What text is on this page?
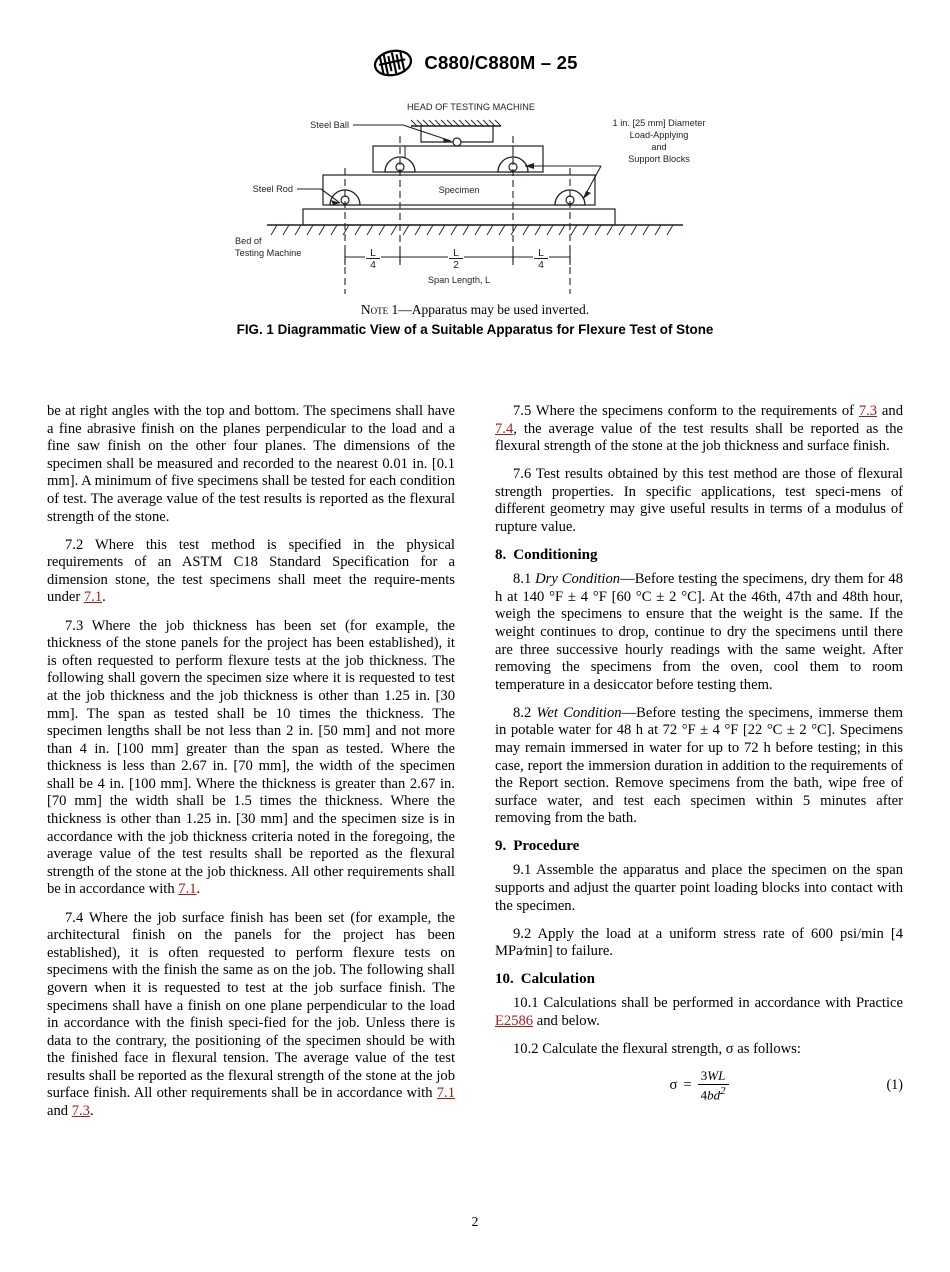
C880/C880M – 25
HEAD OF TESTING MACHINE
Steel Ball
Specimen
Steel Rod
1 in. [25 mm] Diameter
Load-Applying
and
Support Blocks
Bed of
Testing Machine	L
4
L
2
L
4
Span Length, L
Note 1—Apparatus may be used inverted.
FIG. 1 Diagrammatic View of a Suitable Apparatus for Flexure Test of Stone

be at right angles with the top and bottom. The specimens shall have a fine abrasive finish on the planes perpendicular to the load and a fine saw finish on the other four planes. The dimensions of the specimen shall be measured and recorded to the nearest 0.01 in. [0.1 mm]. A minimum of five specimens shall be tested for each condition of test. The average value of the test results is reported as the flexural strength of the stone.

7.2 Where this test method is specified in the physical requirements of an ASTM C18 Standard Specification for a dimension stone, the test specimens shall meet the require-ments under 7.1.

7.3 Where the job thickness has been set (for example, the thickness of the stone panels for the project has been established), it is often requested to perform flexure tests at the job thickness. The following shall govern the specimen size where it is requested to test at the job thickness and the job thickness is other than 1.25 in. [30 mm]. The span as tested shall be 10 times the thickness. The specimen lengths shall be not less than 2 in. [50 mm] and not more than 4 in. [100 mm] greater than the span as tested. Where the thickness is less than 2.67 in. [70 mm], the width of the specimen shall be 4 in. [100 mm]. Where the thickness is greater than 2.67 in. [70 mm] the width shall be 1.5 times the thickness. Where the thickness is other than 1.25 in. [30 mm] and the specimen size is in accordance with the job thickness criteria noted in the foregoing, the average value of the test results shall be reported as the flexural strength of the stone at the job thickness. All other requirements shall be in accordance with 7.1.

7.4 Where the job surface finish has been set (for example, the architectural finish on the panels for the project has been established), it is often requested to perform flexure tests on specimens with the finish the same as on the job. The following shall govern when it is requested to test at the job surface finish. The specimens shall have a finish on one plane perpendicular to the load in accordance with the finish speci-fied for the job. Unless there is data to the contrary, the positioning of the specimen should be with the finished face in flexural tension. The average value of the test results shall be reported as the flexural strength of the stone at the job surface finish. All other requirements shall be in accordance with 7.1 and 7.3.

7.5 Where the specimens conform to the requirements of 7.3 and 7.4, the average value of the test results shall be reported as the flexural strength of the stone at the job thickness and surface finish.

7.6 Test results obtained by this test method are those of flexural strength properties. In specific applications, test speci-mens of different geometry may give useful results in terms of a modulus of rupture value.

8. Conditioning

8.1 Dry Condition—Before testing the specimens, dry them for 48 h at 140 °F ± 4 °F [60 °C ± 2 °C]. At the 46th, 47th and 48th hour, weigh the specimens to ensure that the weight is the same. If the weight continues to drop, continue to dry the specimens until there are three successive hourly readings with the same weight. After removing the specimens from the oven, cool them to room temperature in a desiccator before testing them.

8.2 Wet Condition—Before testing the specimens, immerse them in potable water for 48 h at 72 °F ± 4 °F [22 °C ± 2 °C]. Specimens may remain immersed in water for up to 72 h before testing; in this case, report the immersion duration in addition to the requirements of the Report section. Remove specimens from the bath, wipe free of surface water, and test each specimen within 5 minutes after removing from the bath.

9. Procedure

9.1 Assemble the apparatus and place the specimen on the span supports and adjust the quarter point loading blocks into contact with the specimen.

9.2 Apply the load at a uniform stress rate of 600 psi/min [4 MPa⁄min] to failure.

10. Calculation

10.1 Calculations shall be performed in accordance with Practice E2586 and below.

10.2 Calculate the flexural strength, σ as follows:

$\sigma = \frac{3WL}{4bd^2}$	(1)
2
